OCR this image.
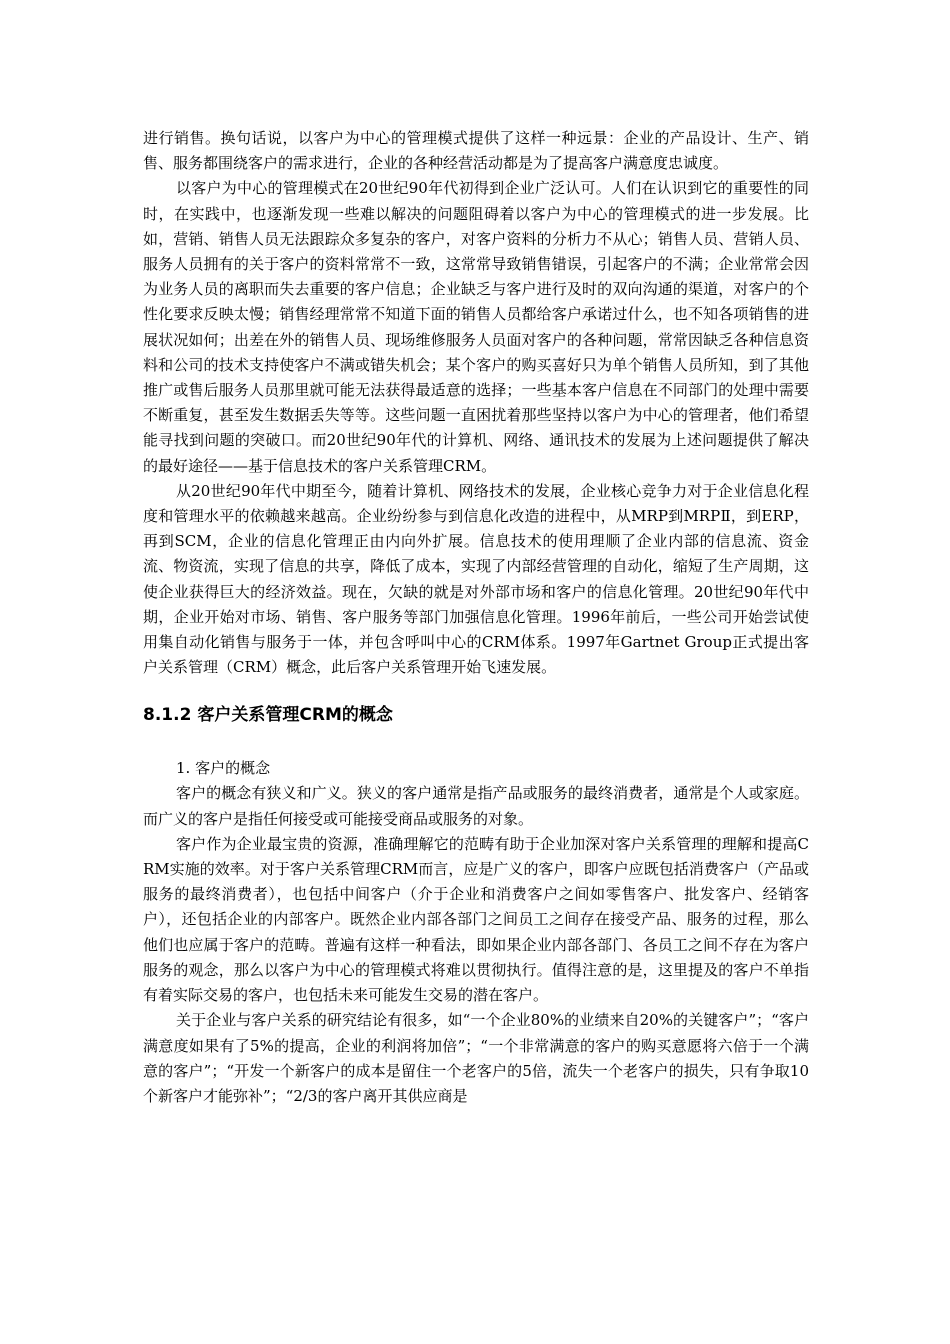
进行销售。换句话说，以客户为中心的管理模式提供了这样一种远景：企业的产品设计、生产、销售、服务都围绕客户的需求进行，企业的各种经营活动都是为了提高客户满意度忠诚度。

以客户为中心的管理模式在20世纪90年代初得到企业广泛认可。人们在认识到它的重要性的同时，在实践中，也逐渐发现一些难以解决的问题阻碍着以客户为中心的管理模式的进一步发展。比如，营销、销售人员无法跟踪众多复杂的客户，对客户资料的分析力不从心；销售人员、营销人员、服务人员拥有的关于客户的资料常常不一致，这常常导致销售错误，引起客户的不满；企业常常会因为业务人员的离职而失去重要的客户信息；企业缺乏与客户进行及时的双向沟通的渠道，对客户的个性化要求反映太慢；销售经理常常不知道下面的销售人员都给客户承诺过什么，也不知各项销售的进展状况如何；出差在外的销售人员、现场维修服务人员面对客户的各种问题，常常因缺乏各种信息资料和公司的技术支持使客户不满或错失机会；某个客户的购买喜好只为单个销售人员所知，到了其他推广或售后服务人员那里就可能无法获得最适意的选择；一些基本客户信息在不同部门的处理中需要不断重复，甚至发生数据丢失等等。这些问题一直困扰着那些坚持以客户为中心的管理者，他们希望能寻找到问题的突破口。而20世纪90年代的计算机、网络、通讯技术的发展为上述问题提供了解决的最好途径——基于信息技术的客户关系管理CRM。

从20世纪90年代中期至今，随着计算机、网络技术的发展，企业核心竞争力对于企业信息化程度和管理水平的依赖越来越高。企业纷纷参与到信息化改造的进程中，从MRP到MRPⅡ，到ERP，再到SCM，企业的信息化管理正由内向外扩展。信息技术的使用理顺了企业内部的信息流、资金流、物资流，实现了信息的共享，降低了成本，实现了内部经营管理的自动化，缩短了生产周期，这使企业获得巨大的经济效益。现在，欠缺的就是对外部市场和客户的信息化管理。20世纪90年代中期，企业开始对市场、销售、客户服务等部门加强信息化管理。1996年前后，一些公司开始尝试使用集自动化销售与服务于一体，并包含呼叫中心的CRM体系。1997年Gartnet Group正式提出客户关系管理（CRM）概念，此后客户关系管理开始飞速发展。

8.1.2 客户关系管理CRM的概念
1. 客户的概念

客户的概念有狭义和广义。狭义的客户通常是指产品或服务的最终消费者，通常是个人或家庭。而广义的客户是指任何接受或可能接受商品或服务的对象。

客户作为企业最宝贵的资源，准确理解它的范畴有助于企业加深对客户关系管理的理解和提高CRM实施的效率。对于客户关系管理CRM而言，应是广义的客户，即客户应既包括消费客户（产品或服务的最终消费者），也包括中间客户（介于企业和消费客户之间如零售客户、批发客户、经销客户），还包括企业的内部客户。既然企业内部各部门之间员工之间存在接受产品、服务的过程，那么他们也应属于客户的范畴。普遍有这样一种看法，即如果企业内部各部门、各员工之间不存在为客户服务的观念，那么以客户为中心的管理模式将难以贯彻执行。值得注意的是，这里提及的客户不单指有着实际交易的客户，也包括未来可能发生交易的潜在客户。

关于企业与客户关系的研究结论有很多，如“一个企业80%的业绩来自20%的关键客户”；“客户满意度如果有了5%的提高，企业的利润将加倍”；“一个非常满意的客户的购买意愿将六倍于一个满意的客户”；“开发一个新客户的成本是留住一个老客户的5倍，流失一个老客户的损失，只有争取10个新客户才能弥补”；“2/3的客户离开其供应商是
